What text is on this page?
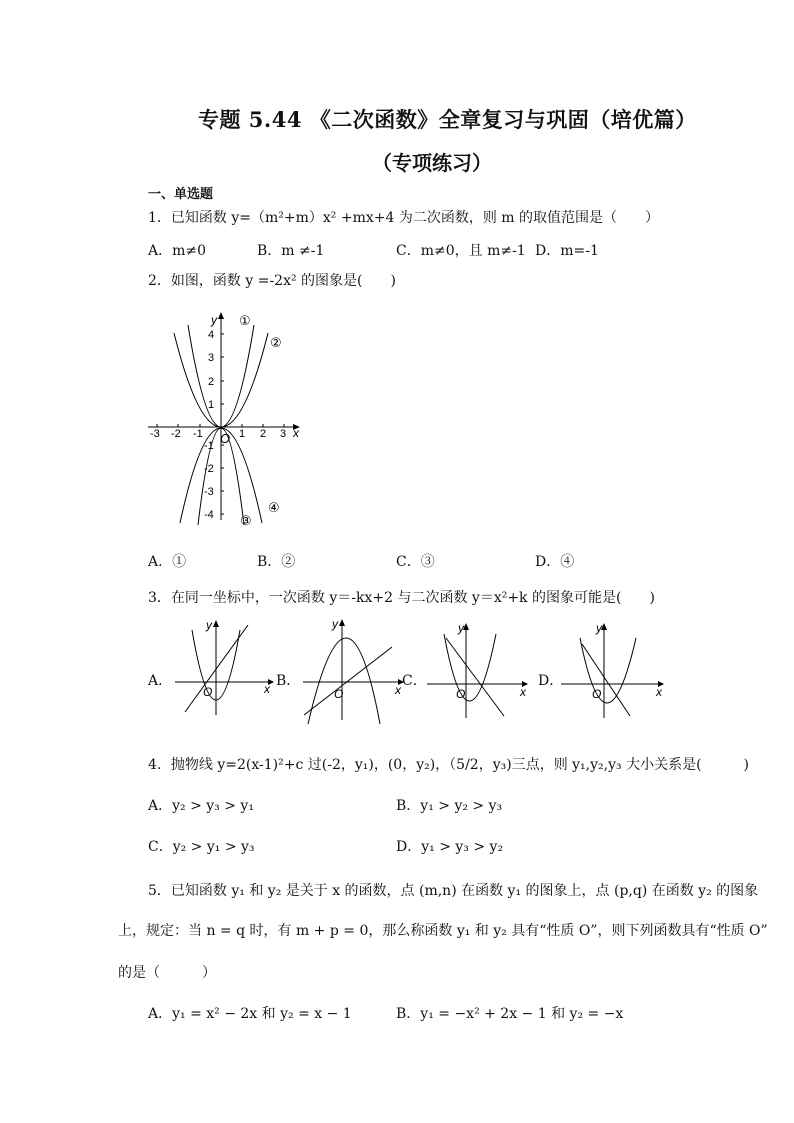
专题 5.44 《二次函数》全章复习与巩固（培优篇）
（专项练习）
一、单选题
1．已知函数 y=（m²+m）x² +mx+4 为二次函数，则 m 的取值范围是（　　）
A．m≠0	B．m ≠-1	C．m≠0，且 m≠-1 D．m=-1
2．如图，函数 y =-2x² 的图象是(　　)
-3 -2 -1	1 2 3 x
y
4
3
2
1
-1
-2
-3
-4
O
①
②
③
④
A．①	B．②	C．③	D．④
3．在同一坐标中，一次函数 y＝-kx+2 与二次函数 y＝x²+k 的图象可能是(　　)
A．
y
x
O
B．
y
x
O
C．
y
x
O
D．
y
x
O
4．抛物线 y=2(x-1)²+c 过(-2，y₁)，(0，y₂)，（5/2，y₃)三点，则 y₁,y₂,y₃ 大小关系是(　　　)
A．y₂ > y₃ > y₁	B．y₁ > y₂ > y₃
C．y₂ > y₁ > y₃	D．y₁ > y₃ > y₂
5．已知函数 y₁ 和 y₂ 是关于 x 的函数，点 (m,n) 在函数 y₁ 的图象上，点 (p,q) 在函数 y₂ 的图象
上，规定：当 n = q 时，有 m + p = 0，那么称函数 y₁ 和 y₂ 具有“性质 O”，则下列函数具有“性质 O”
的是（　　　）
A．y₁ = x² − 2x 和 y₂ = x − 1	B．y₁ = −x² + 2x − 1 和 y₂ = −x
